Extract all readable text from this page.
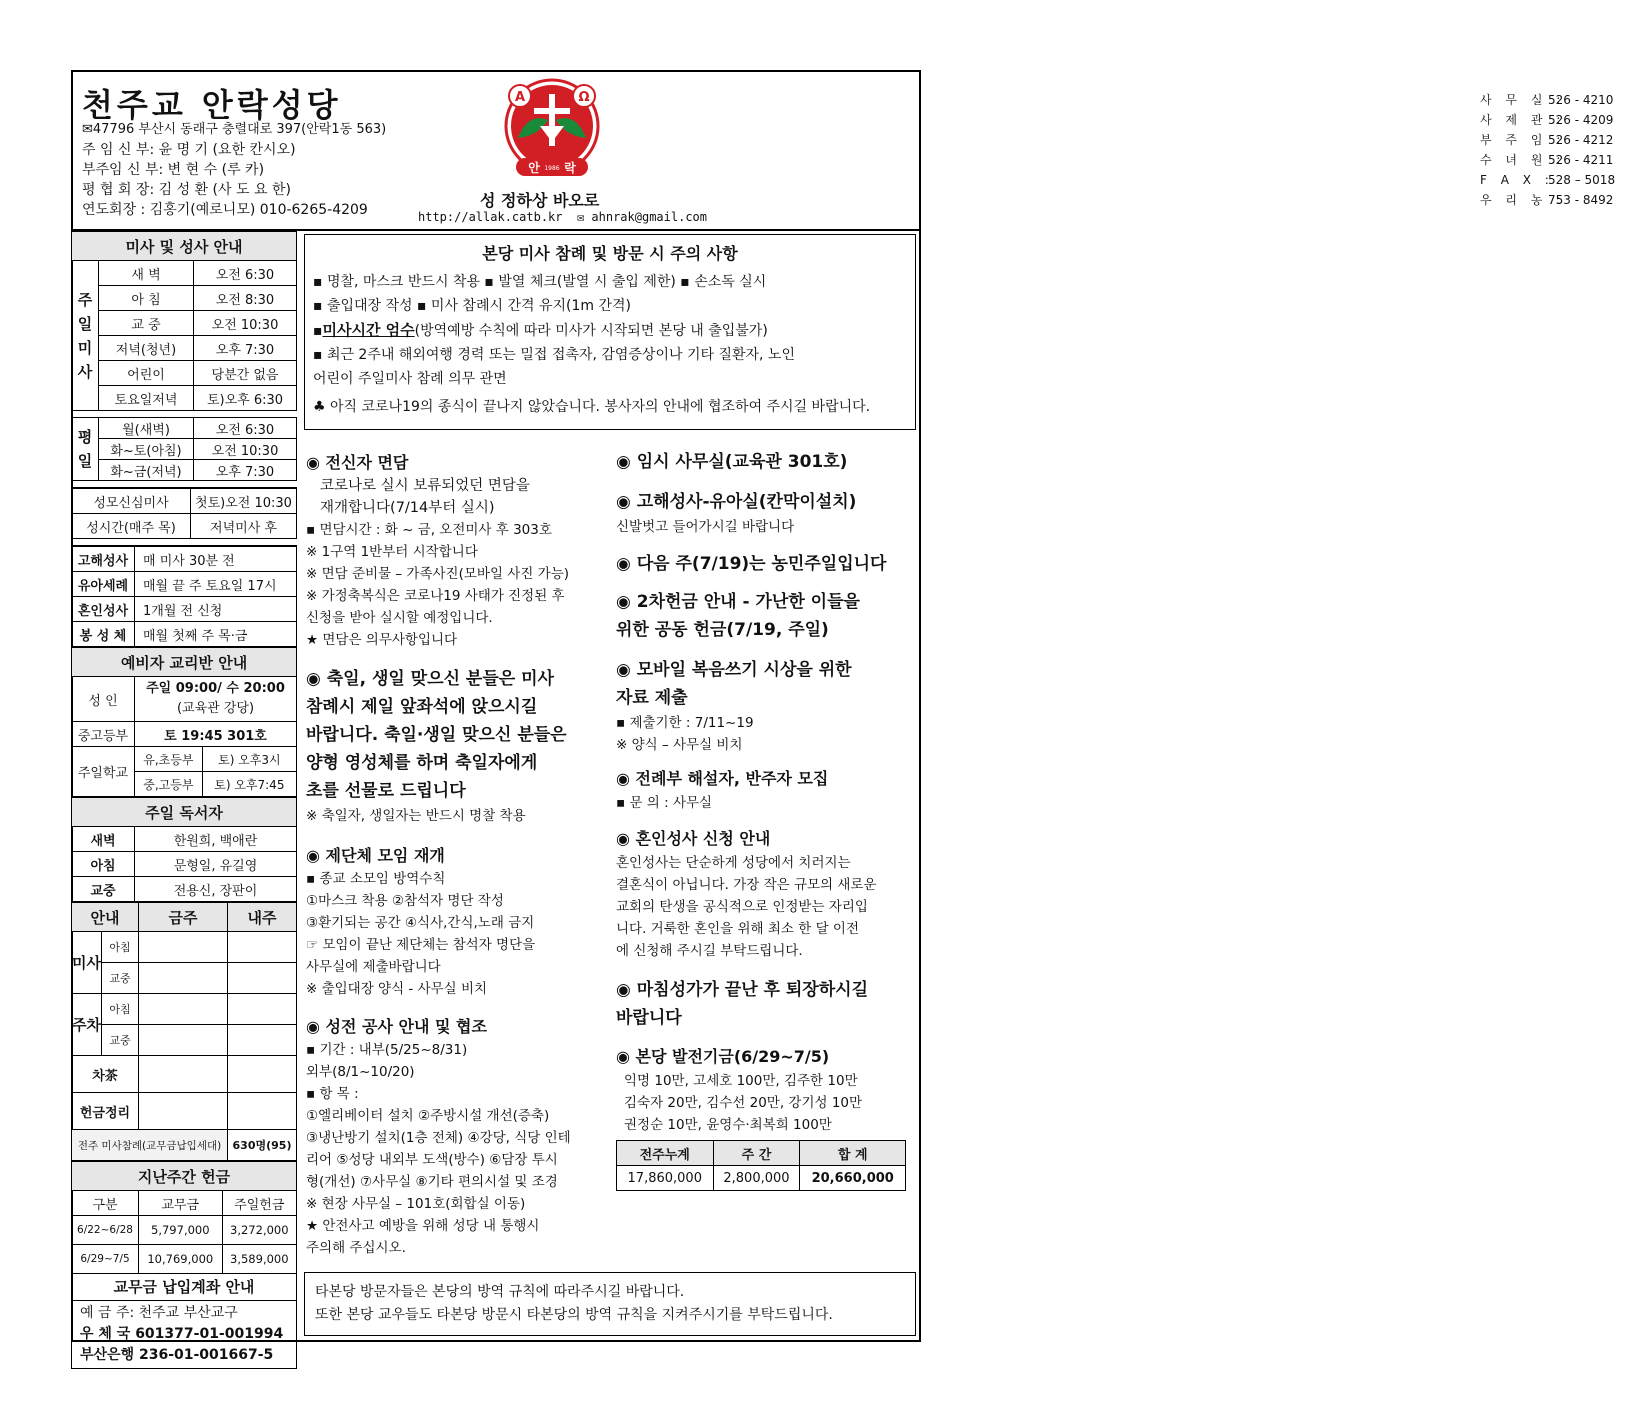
천주교 안락성당
✉47796 부산시 동래구 충렬대로 397(안락1동 563)
주 임 신 부: 윤 명 기 (요한 칸시오)
부주임 신 부: 변 현 수 (루 카)
평 협 회 장: 김 성 환 (사 도 요 한)
연도회장 : 김홍기(예로니모) 010-6265-4209
A	Ω
안 락
1986
성 정하상 바오로
http://allak.catb.kr ✉ ahnrak@gmail.com
사 무 실 :526 - 4210
사 제 관 :526 - 4209
부 주 임 :526 - 4212
수 녀 원 :526 - 4211
F A X :528 – 5018
우 리 농 :753 - 8492
미사 및 성사 안내		
주
일
미
사	새 벽	오전 6:30
	아 침	오전 8:30
	교 중	오전 10:30
	저녁(청년)	오후 7:30
	어린이	당분간 없음
	토요일저녁	토)오후 6:30

평
일	월(새벽)	오전 6:30
	화~토(아침)	오전 10:30
	화~금(저녁)	오후 7:30

성모신심미사	첫토)오전 10:30
성시간(매주 목)	저녁미사 후

고해성사	매 미사 30분 전
유아세례	매월 끝 주 토요일 17시
혼인성사	1개월 전 신청
봉 성 체	매월 첫째 주 목·금
예비자 교리반 안내		
성 인	주일 09:00/ 수 20:00
(교육관 강당)	
중고등부	토 19:45 301호	
주일학교	유,초등부	토) 오후3시
	중,고등부	토) 오후7:45
주일 독서자	
새벽	한원희, 백애란
아침	문형일, 유길영
교중	전용신, 장판이
안내		금주	내주
미사	아침		
	교중		
주차	아침		
	교중		
차茶			
헌금정리			
전주 미사참례(교무금납입세대)			630명(95)
지난주간 헌금		
구분	교무금	주일헌금
6/22~6/28	5,797,000	3,272,000
6/29~7/5	10,769,000	3,589,000
교무금 납입계좌 안내
예 금 주: 천주교 부산교구
우 체 국 601377-01-001994
부산은행 236-01-001667-5
본당 미사 참례 및 방문 시 주의 사항
▪ 명찰, 마스크 반드시 착용 ▪ 발열 체크(발열 시 출입 제한) ▪ 손소독 실시
▪ 출입대장 작성 ▪ 미사 참례시 간격 유지(1m 간격)
▪미사시간 엄수(방역예방 수칙에 따라 미사가 시작되면 본당 내 출입불가)
▪ 최근 2주내 해외여행 경력 또는 밀접 접촉자, 감염증상이나 기타 질환자, 노인
어린이 주일미사 참례 의무 관면
♣ 아직 코로나19의 종식이 끝나지 않았습니다. 봉사자의 안내에 협조하여 주시길 바랍니다.
◉ 전신자 면담
코로나로 실시 보류되었던 면담을
재개합니다(7/14부터 실시)
▪ 면담시간 : 화 ~ 금, 오전미사 후 303호
※ 1구역 1반부터 시작합니다
※ 면담 준비물 – 가족사진(모바일 사진 가능)
※ 가정축복식은 코로나19 사태가 진정된 후
신청을 받아 실시할 예정입니다.
★ 면담은 의무사항입니다
◉ 축일, 생일 맞으신 분들은 미사
참례시 제일 앞좌석에 앉으시길
바랍니다. 축일·생일 맞으신 분들은
양형 영성체를 하며 축일자에게
초를 선물로 드립니다
※ 축일자, 생일자는 반드시 명찰 착용
◉ 제단체 모임 재개
▪ 종교 소모임 방역수칙
①마스크 착용 ②참석자 명단 작성
③환기되는 공간 ④식사,간식,노래 금지
☞ 모임이 끝난 제단체는 참석자 명단을
사무실에 제출바랍니다
※ 출입대장 양식 - 사무실 비치
◉ 성전 공사 안내 및 협조
▪ 기간 : 내부(5/25~8/31)
외부(8/1~10/20)
▪ 항 목 :
①엘리베이터 설치 ②주방시설 개선(증축)
③냉난방기 설치(1층 전체) ④강당, 식당 인테
리어 ⑤성당 내외부 도색(방수) ⑥담장 투시
형(개선) ⑦사무실 ⑧기타 편의시설 및 조경
※ 현장 사무실 – 101호(회합실 이동)
★ 안전사고 예방을 위해 성당 내 통행시
주의해 주십시오.
◉ 임시 사무실(교육관 301호)
◉ 고해성사-유아실(칸막이설치)
신발벗고 들어가시길 바랍니다
◉ 다음 주(7/19)는 농민주일입니다
◉ 2차헌금 안내 - 가난한 이들을
위한 공동 헌금(7/19, 주일)
◉ 모바일 복음쓰기 시상을 위한
자료 제출
▪ 제출기한 : 7/11~19
※ 양식 – 사무실 비치
◉ 전례부 해설자, 반주자 모집
▪ 문 의 : 사무실
◉ 혼인성사 신청 안내
혼인성사는 단순하게 성당에서 치러지는
결혼식이 아닙니다. 가장 작은 규모의 새로운
교회의 탄생을 공식적으로 인정받는 자리입
니다. 거룩한 혼인을 위해 최소 한 달 이전
에 신청해 주시길 부탁드립니다.
◉ 마침성가가 끝난 후 퇴장하시길
바랍니다
◉ 본당 발전기금(6/29~7/5)
익명 10만, 고세호 100만, 김주한 10만
김숙자 20만, 김수선 20만, 강기성 10만
권정순 10만, 윤영수·최복희 100만
전주누계	주 간	합 계
17,860,000	2,800,000	20,660,000
타본당 방문자들은 본당의 방역 규칙에 따라주시길 바랍니다.
또한 본당 교우들도 타본당 방문시 타본당의 방역 규칙을 지켜주시기를 부탁드립니다.
